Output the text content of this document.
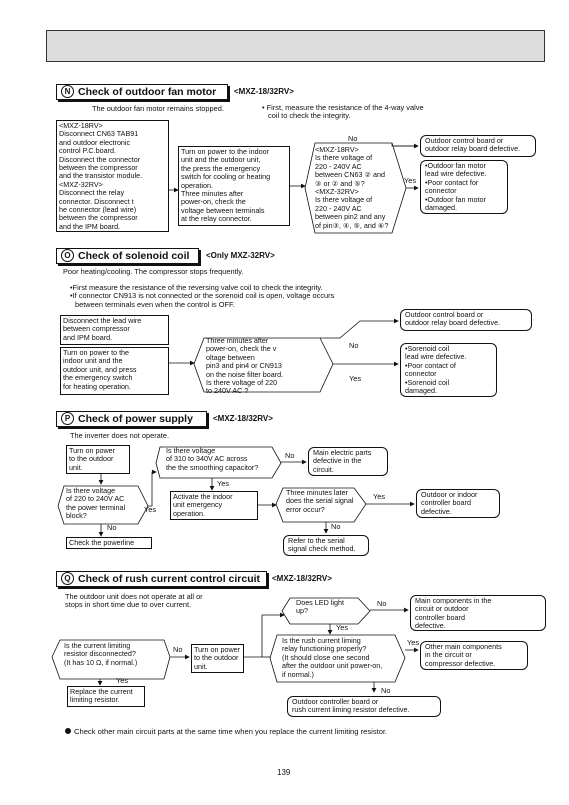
N Check of outdoor fan motor	<MXZ-18/32RV>
The outdoor fan motor remains stopped.	• First, measure the resistance of the 4-way valve
coil to check the integrity.
<MXZ-18RV>
Disconnect CN63 TAB91
and outdoor electronic
control P.C.board.
Disconnect the connector
between the compressor
and the transistor module.
<MXZ-32RV>
Disconnect the relay
connector. Disconnect t
he connector (lead wire)
between the compressor
and the IPM board.
Turn on power to the indoor
unit and the outdoor unit,
the press the emergency
switch for cooling or heating
operation.
Three minutes after
power-on, check the
voltage between terminals
at the relay connector.
<MXZ-18RV>
Is there voltage of
220 - 240V AC
between CN63 ② and
③ or ② and ⑤?
<MXZ-32RV>
Is there voltage of
220 - 240V AC
between pin2 and any
of pin③, ④, ⑤, and ⑥?
No
Yes
Outdoor control board or
outdoor relay board defective.
•Outdoor fan motor
lead wire defective.
•Poor contact for
connector
•Outdoor fan motor
damaged.
O Check of solenoid coil	<Only MXZ-32RV>
Poor heating/cooling. The compressor stops frequently.
•First measure the resistance of the reversing valve coil to check the integrity.
•If connector CN913 is not connected or the sorenoid coil is open, voltage occurs
between terminals even when the control is OFF.
Disconnect the lead wire
between compressor
and IPM board.
Turn on power to the
indoor unit and the
outdoor unit, and press
the emergency switch
for heating operation.
Three minutes after
power-on, check the v
oltage between
pin3 and pin4 or CN913
on the noise filter board.
Is there voltage of 220
to 240V AC ?
No
Yes
Outdoor control board or
outdoor relay board defective.
•Sorenoid coil
lead wire defective.
•Poor contact of
connector
•Sorenoid coil
damaged.
P Check of power supply	<MXZ-18/32RV>
The inverter does not operate.
Turn on power
to the outdoor
unit.
Is there voltage
of 220 to 240V AC
the power terminal
block?
Yes
No
Check the powerline
Is there voltage
of 310 to 340V AC across
the the smoothing capacitor?
No
Yes
Main electric parts
defective in the
circuit.
Activate the indoor
unit emergency
operation.
Three minutes later
does the serial signal
error occur?
Yes
No
Outdoor or indoor
controller board
defective.
Refer to the serial
signal check method.
Q Check of rush current control circuit	<MXZ-18/32RV>
The outdoor unit does not operate at all or
stops in short time due to over current.
Is the current limiting
resistor disconnected?
(It has 10 Ω, if normal.)
No
Yes
Replace the current
limiting resistor.
Turn on power
to the outdoor
unit.
Does LED light
up?
No
Yes
Main components in the
circuit or outdoor
controller board
defective.
Is the rush current liming
relay functioning properly?
(It should close one second
after the outdoor unit power-on,
if normal.)
Yes
No
Other main components
in the circuit or
compressor defective.
Outdoor controller board or
rush current liming resistor defective.
Check other main circuit parts at the same time when you replace the current limiting resistor.
139
